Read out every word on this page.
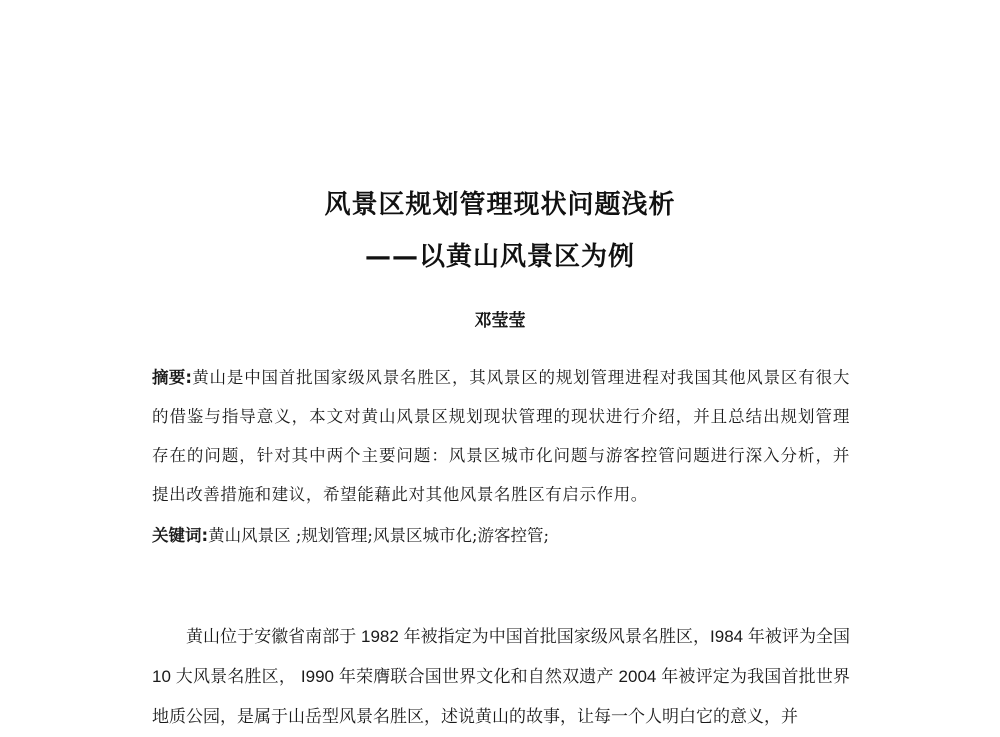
风景区规划管理现状问题浅析
——以黄山风景区为例
邓莹莹

摘要:黄山是中国首批国家级风景名胜区，其风景区的规划管理进程对我国其他风景区有很大的借鉴与指导意义，本文对黄山风景区规划现状管理的现状进行介绍，并且总结出规划管理存在的问题，针对其中两个主要问题：风景区城市化问题与游客控管问题进行深入分析，并提出改善措施和建议，希望能藉此对其他风景名胜区有启示作用。

关键词:黄山风景区 ;规划管理;风景区城市化;游客控管;

黄山位于安徽省南部于 1982 年被指定为中国首批国家级风景名胜区，I984 年被评为全国 10 大风景名胜区， I990 年荣膺联合国世界文化和自然双遗产 2004 年被评定为我国首批世界地质公园，是属于山岳型风景名胜区，述说黄山的故事，让每一个人明白它的意义，并
